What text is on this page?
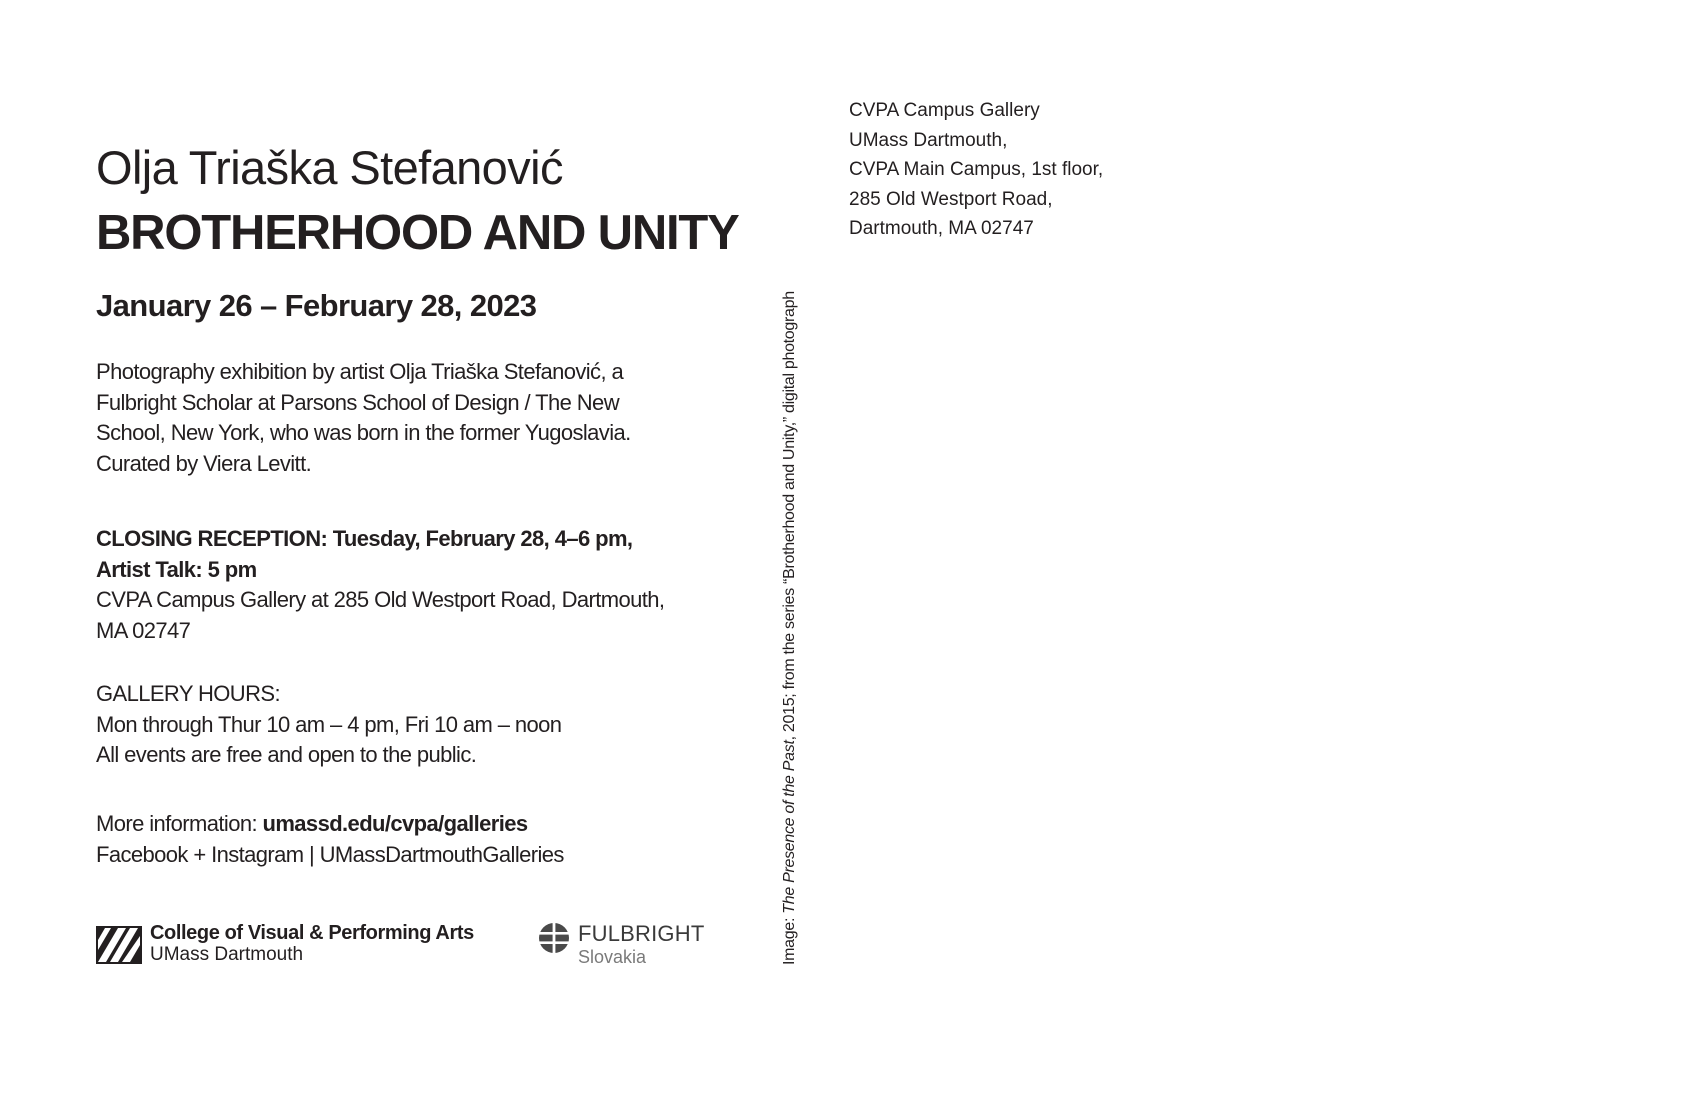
Olja Triaška Stefanović
BROTHERHOOD AND UNITY
January 26 – February 28, 2023
Photography exhibition by artist Olja Triaška Stefanović, a
Fulbright Scholar at Parsons School of Design / The New
School, New York, who was born in the former Yugoslavia.
Curated by Viera Levitt.
CLOSING RECEPTION: Tuesday, February 28, 4–6 pm,
Artist Talk: 5 pm
CVPA Campus Gallery at 285 Old Westport Road, Dartmouth,
MA 02747
GALLERY HOURS:
Mon through Thur 10 am – 4 pm, Fri 10 am – noon
All events are free and open to the public.
More information: umassd.edu/cvpa/galleries
Facebook + Instagram | UMassDartmouthGalleries
College of Visual & Performing Arts
UMass Dartmouth
FULBRIGHT
Slovakia	Image: The Presence of the Past, 2015; from the series “Brotherhood and Unity,” digital photograph
CVPA Campus Gallery
UMass Dartmouth,
CVPA Main Campus, 1st floor,
285 Old Westport Road,
Dartmouth, MA 02747
